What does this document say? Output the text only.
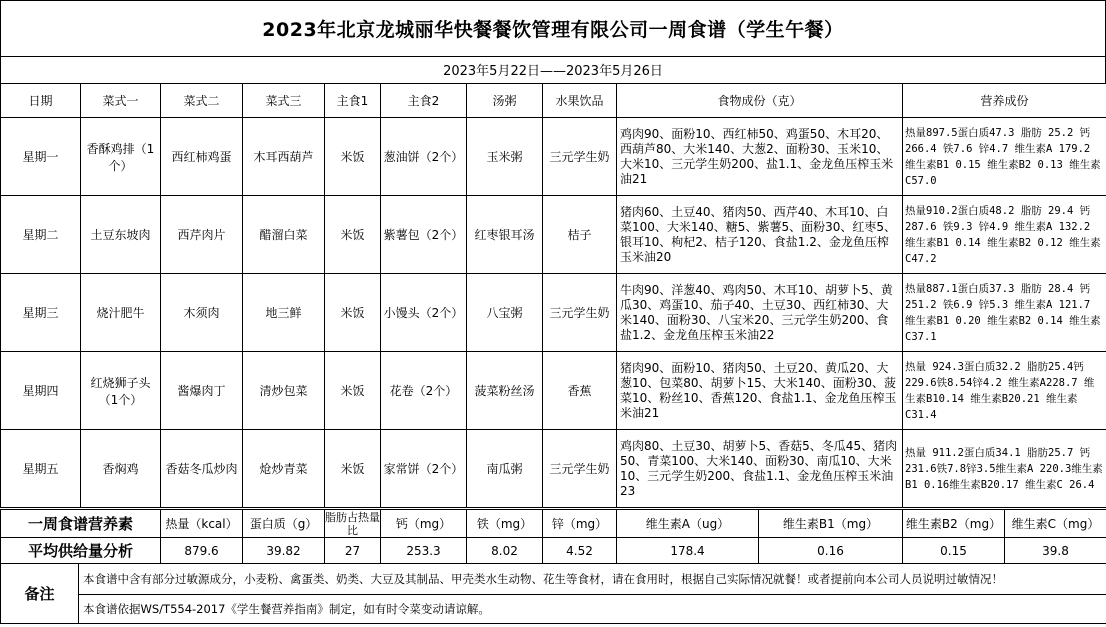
2023年北京龙城丽华快餐餐饮管理有限公司一周食谱（学生午餐）
2023年5月22日——2023年5月26日
日期	菜式一	菜式二	菜式三	主食1	主食2	汤粥	水果饮品	食物成份（克）	营养成份
星期一	香酥鸡排（1个）	西红柿鸡蛋	木耳西葫芦	米饭	葱油饼（2个）	玉米粥	三元学生奶	鸡肉90、面粉10、西红柿50、鸡蛋50、木耳20、西葫芦80、大米140、大葱2、面粉30、玉米10、大米10、三元学生奶200、盐1.1、金龙鱼压榨玉米油21	热量897.5蛋白质47.3 脂肪 25.2 钙266.4 铁7.6 锌4.7 维生素A 179.2 维生素B1 0.15 维生素B2 0.13 维生素C57.0
星期二	土豆东坡肉	西芹肉片	醋溜白菜	米饭	紫薯包（2个）	红枣银耳汤	桔子	猪肉60、土豆40、猪肉50、西芹40、木耳10、白菜100、大米140、糖5、紫薯5、面粉30、红枣5、银耳10、枸杞2、桔子120、食盐1.2、金龙鱼压榨玉米油20	热量910.2蛋白质48.2 脂肪 29.4 钙287.6 铁9.3 锌4.9 维生素A 132.2 维生素B1 0.14 维生素B2 0.12 维生素C47.2
星期三	烧汁肥牛	木须肉	地三鲜	米饭	小馒头（2个）	八宝粥	三元学生奶	牛肉90、洋葱40、鸡肉50、木耳10、胡萝卜5、黄瓜30、鸡蛋10、茄子40、土豆30、西红柿30、大米140、面粉30、八宝米20、三元学生奶200、食盐1.2、金龙鱼压榨玉米油22	热量887.1蛋白质37.3 脂肪 28.4 钙251.2 铁6.9 锌5.3 维生素A 121.7 维生素B1 0.20 维生素B2 0.14 维生素C37.1
星期四	红烧狮子头（1个）	酱爆肉丁	清炒包菜	米饭	花卷（2个）	菠菜粉丝汤	香蕉	猪肉90、面粉10、猪肉50、土豆20、黄瓜20、大葱10、包菜80、胡萝卜15、大米140、面粉30、菠菜10、粉丝10、香蕉120、食盐1.1、金龙鱼压榨玉米油21	热量 924.3蛋白质32.2 脂肪25.4钙229.6铁8.54锌4.2 维生素A228.7 维生素B10.14 维生素B20.21 维生素C31.4
星期五	香焖鸡	香菇冬瓜炒肉	炝炒青菜	米饭	家常饼（2个）	南瓜粥	三元学生奶	鸡肉80、土豆30、胡萝卜5、香菇5、冬瓜45、猪肉50、青菜100、大米140、面粉30、南瓜10、大米10、三元学生奶200、食盐1.1、金龙鱼压榨玉米油23	热量 911.2蛋白质34.1 脂肪25.7 钙231.6铁7.8锌3.5维生素A 220.3维生素B1 0.16维生素B20.17 维生素C 26.4
一周食谱营养素	热量（kcal）	蛋白质（g）	脂肪占热量比	钙（mg）	铁（mg）	锌（mg）	维生素A（ug）	维生素B1（mg）	维生素B2（mg）	维生素C（mg）
平均供给量分析	879.6	39.82	27	253.3	8.02	4.52	178.4	0.16	0.15	39.8
备注	本食谱中含有部分过敏源成分，小麦粉、禽蛋类、奶类、大豆及其制品、甲壳类水生动物、花生等食材，请在食用时，根据自己实际情况就餐！或者提前向本公司人员说明过敏情况！
本食谱依据WS/T554-2017《学生餐营养指南》制定，如有时令菜变动请谅解。
